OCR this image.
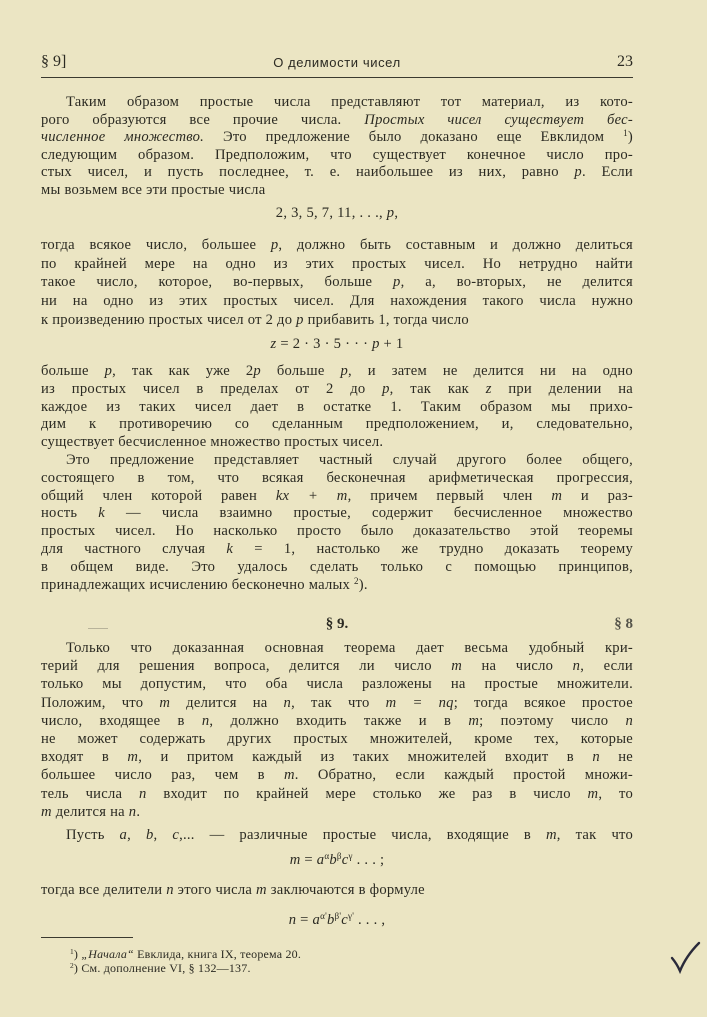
§ 9]	О делимости чисел	23
Таким образом простые числа представляют тот материал, из кото-
рого образуются все прочие числа. Простых чисел существует бес-
численное множество. Это предложение было доказано еще Евклидом $^1$)
следующим образом. Предположим, что существует конечное число про-
стых чисел, и пусть последнее, т. е. наибольшее из них, равно p. Если
мы возьмем все эти простые числа
2, 3, 5, 7, 11, . . ., p,
тогда всякое число, большее p, должно быть составным и должно делиться
по крайней мере на одно из этих простых чисел. Но нетрудно найти
такое число, которое, во-первых, больше p, а, во-вторых, не делится
ни на одно из этих простых чисел. Для нахождения такого числа нужно
к произведению простых чисел от 2 до p прибавить 1, тогда число
z = 2 · 3 · 5 · · · p + 1
больше p, так как уже 2p больше p, и затем не делится ни на одно
из простых чисел в пределах от 2 до p, так как z при делении на
каждое из таких чисел дает в остатке 1. Таким образом мы прихо-
дим к противоречию со сделанным предположением, и, следовательно,
существует бесчисленное множество простых чисел.
Это предложение представляет частный случай другого более общего,
состоящего в том, что всякая бесконечная арифметическая прогрессия,
общий член которой равен kx + m, причем первый член m и раз-
ность k — числа взаимно простые, содержит бесчисленное множество
простых чисел. Но насколько просто было доказательство этой теоремы
для частного случая k = 1, настолько же трудно доказать теорему
в общем виде. Это удалось сделать только с помощью принципов,
принадлежащих исчислению бесконечно малых $^2$).
§ 9.	§ 8
Только что доказанная основная теорема дает весьма удобный кри-
терий для решения вопроса, делится ли число m на число n, если
только мы допустим, что оба числа разложены на простые множители.
Положим, что m делится на n, так что m = nq; тогда всякое простое
число, входящее в n, должно входить также и в m; поэтому число n
не может содержать других простых множителей, кроме тех, которые
входят в m, и притом каждый из таких множителей входит в n не
большее число раз, чем в m. Обратно, если каждый простой множи-
тель числа n входит по крайней мере столько же раз в число m, то
m делится на n.
Пусть a, b, c,... — различные простые числа, входящие в m, так что
$m = a^\alpha b^\beta c^\gamma$ . . . ;
тогда все делители n этого числа m заключаются в формуле
$n = a^{\alpha'}b^{\beta'}c^{\gamma'}$ . . . ,
$^1$) „Начала“ Евклида, книга IX, теорема 20.
$^2$) См. дополнение VI, § 132—137.
